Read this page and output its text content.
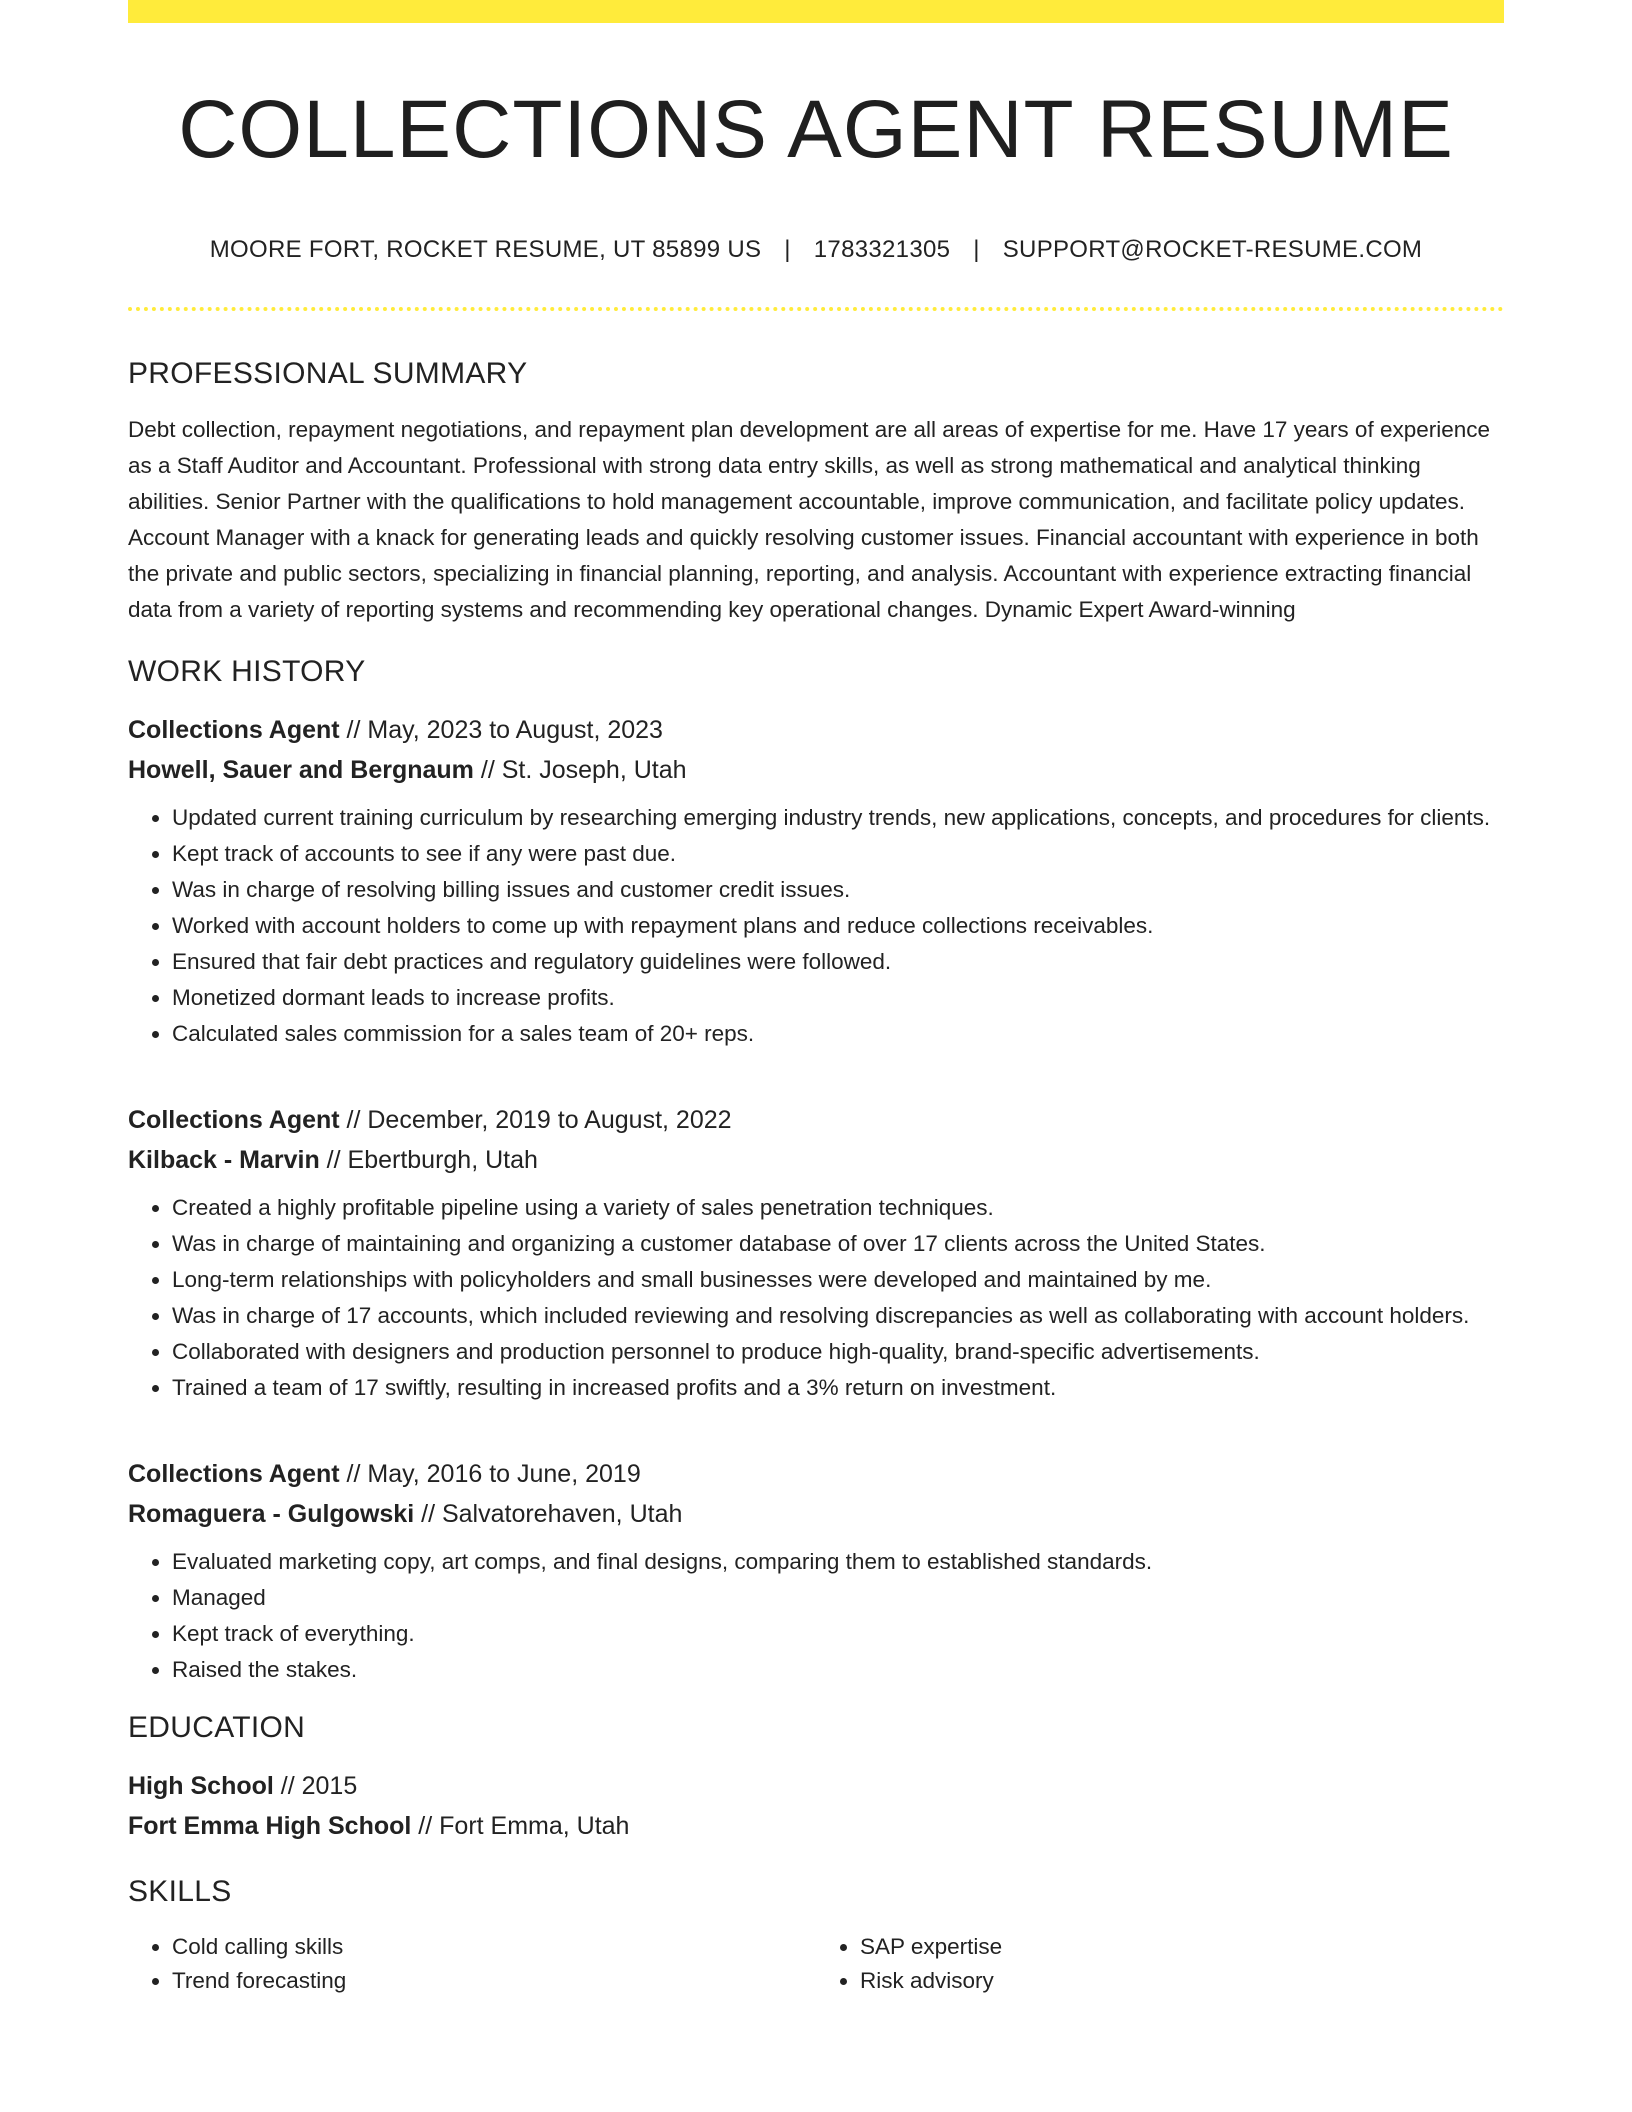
COLLECTIONS AGENT RESUME
MOORE FORT, ROCKET RESUME, UT 85899 US | 1783321305 | SUPPORT@ROCKET-RESUME.COM
PROFESSIONAL SUMMARY

Debt collection, repayment negotiations, and repayment plan development are all areas of expertise for me. Have 17 years of experience as a Staff Auditor and Accountant. Professional with strong data entry skills, as well as strong mathematical and analytical thinking abilities. Senior Partner with the qualifications to hold management accountable, improve communication, and facilitate policy updates. Account Manager with a knack for generating leads and quickly resolving customer issues. Financial accountant with experience in both the private and public sectors, specializing in financial planning, reporting, and analysis. Accountant with experience extracting financial data from a variety of reporting systems and recommending key operational changes. Dynamic Expert Award-winning

WORK HISTORY
Collections Agent // May, 2023 to August, 2023
Howell, Sauer and Bergnaum // St. Joseph, Utah
• Updated current training curriculum by researching emerging industry trends, new applications, concepts, and procedures for clients.
• Kept track of accounts to see if any were past due.
• Was in charge of resolving billing issues and customer credit issues.
• Worked with account holders to come up with repayment plans and reduce collections receivables.
• Ensured that fair debt practices and regulatory guidelines were followed.
• Monetized dormant leads to increase profits.
• Calculated sales commission for a sales team of 20+ reps.
Collections Agent // December, 2019 to August, 2022
Kilback - Marvin // Ebertburgh, Utah
• Created a highly profitable pipeline using a variety of sales penetration techniques.
• Was in charge of maintaining and organizing a customer database of over 17 clients across the United States.
• Long-term relationships with policyholders and small businesses were developed and maintained by me.
• Was in charge of 17 accounts, which included reviewing and resolving discrepancies as well as collaborating with account holders.
• Collaborated with designers and production personnel to produce high-quality, brand-specific advertisements.
• Trained a team of 17 swiftly, resulting in increased profits and a 3% return on investment.
Collections Agent // May, 2016 to June, 2019
Romaguera - Gulgowski // Salvatorehaven, Utah
• Evaluated marketing copy, art comps, and final designs, comparing them to established standards.
• Managed
• Kept track of everything.
• Raised the stakes.
EDUCATION
High School // 2015
Fort Emma High School // Fort Emma, Utah
SKILLS
• Cold calling skills
• Trend forecasting
• SAP expertise
• Risk advisory
